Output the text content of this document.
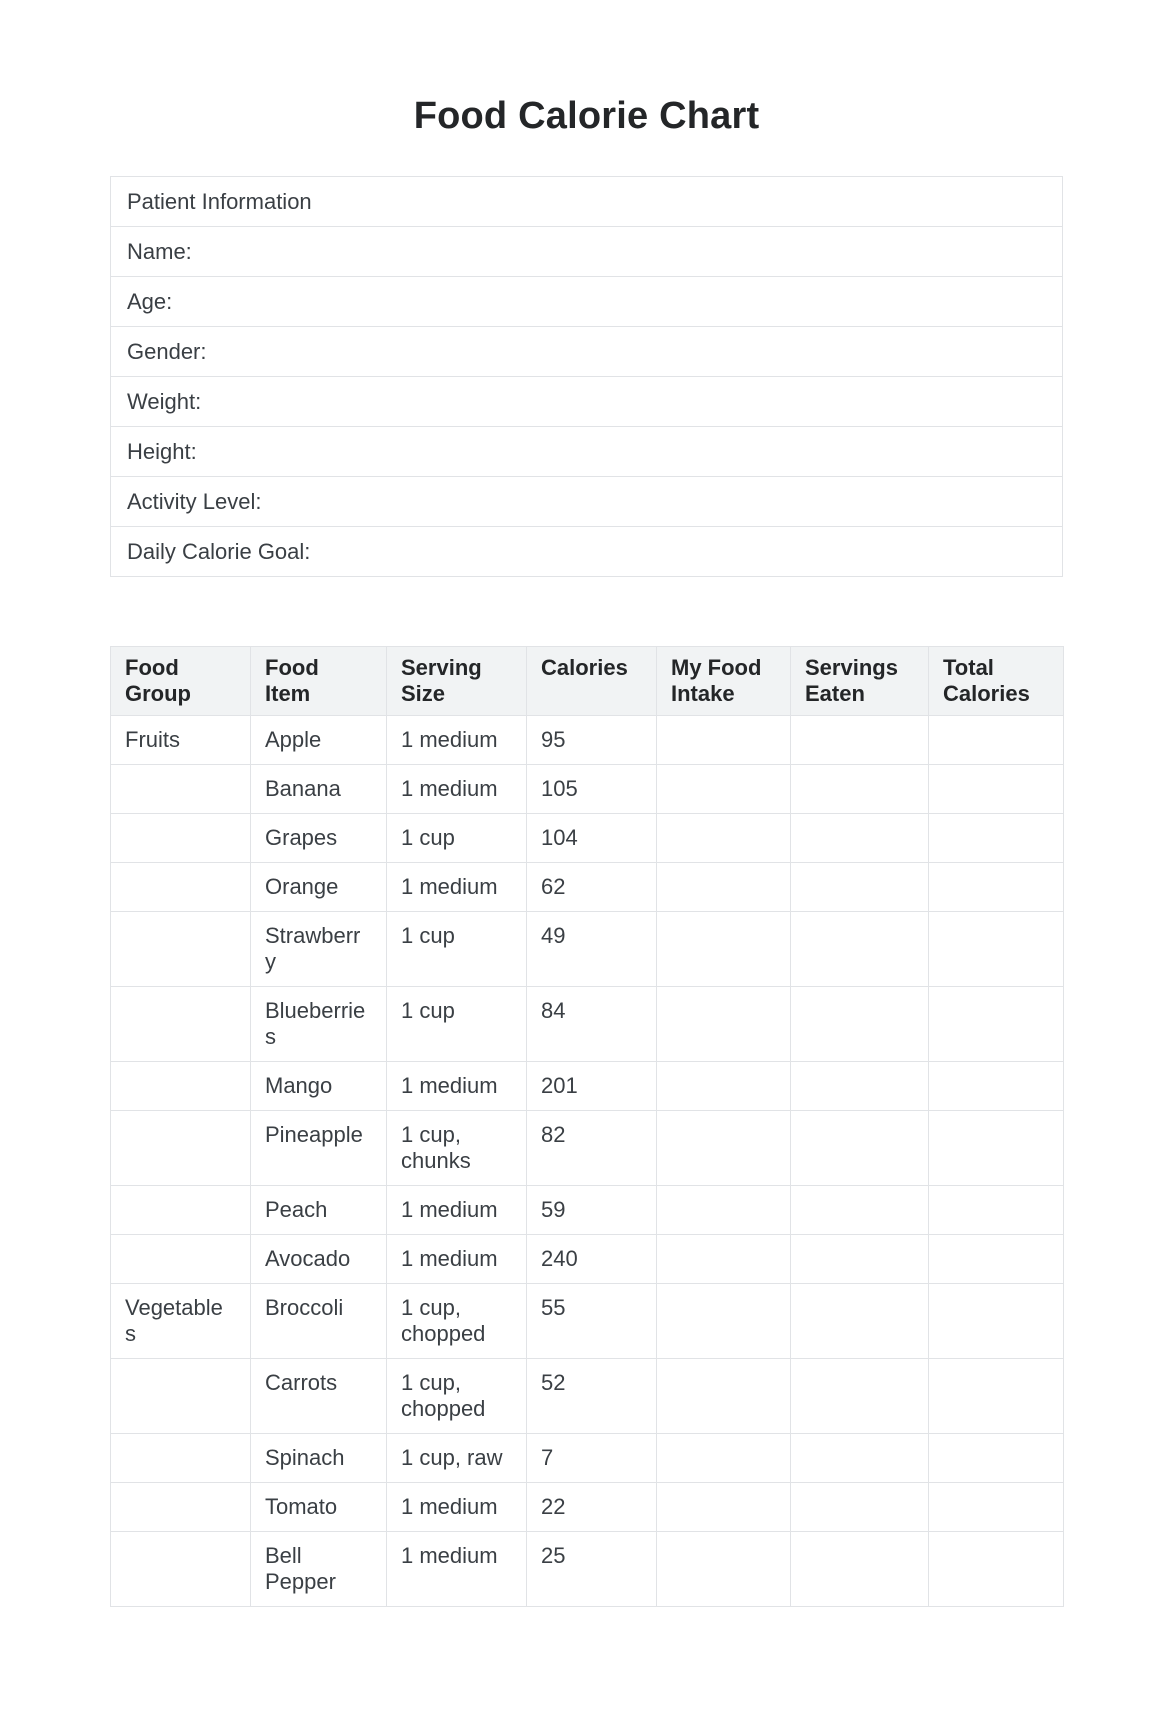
Food Calorie Chart
Patient Information
Name:
Age:
Gender:
Weight:
Height:
Activity Level:
Daily Calorie Goal:
Food Group	Food Item	Serving Size	Calories	My Food Intake	Servings Eaten	Total Calories

Fruits	Apple	1 medium	95			

	Banana	1 medium	105			

	Grapes	1 cup	104			

	Orange	1 medium	62			

	Strawberry	1 cup	49			

	Blueberries	1 cup	84			

	Mango	1 medium	201			

	Pineapple	1 cup, chunks	82			

	Peach	1 medium	59			

	Avocado	1 medium	240			

Vegetables	Broccoli	1 cup, chopped	55			

	Carrots	1 cup, chopped	52			

	Spinach	1 cup, raw	7			

	Tomato	1 medium	22			

	Bell Pepper	1 medium	25			
